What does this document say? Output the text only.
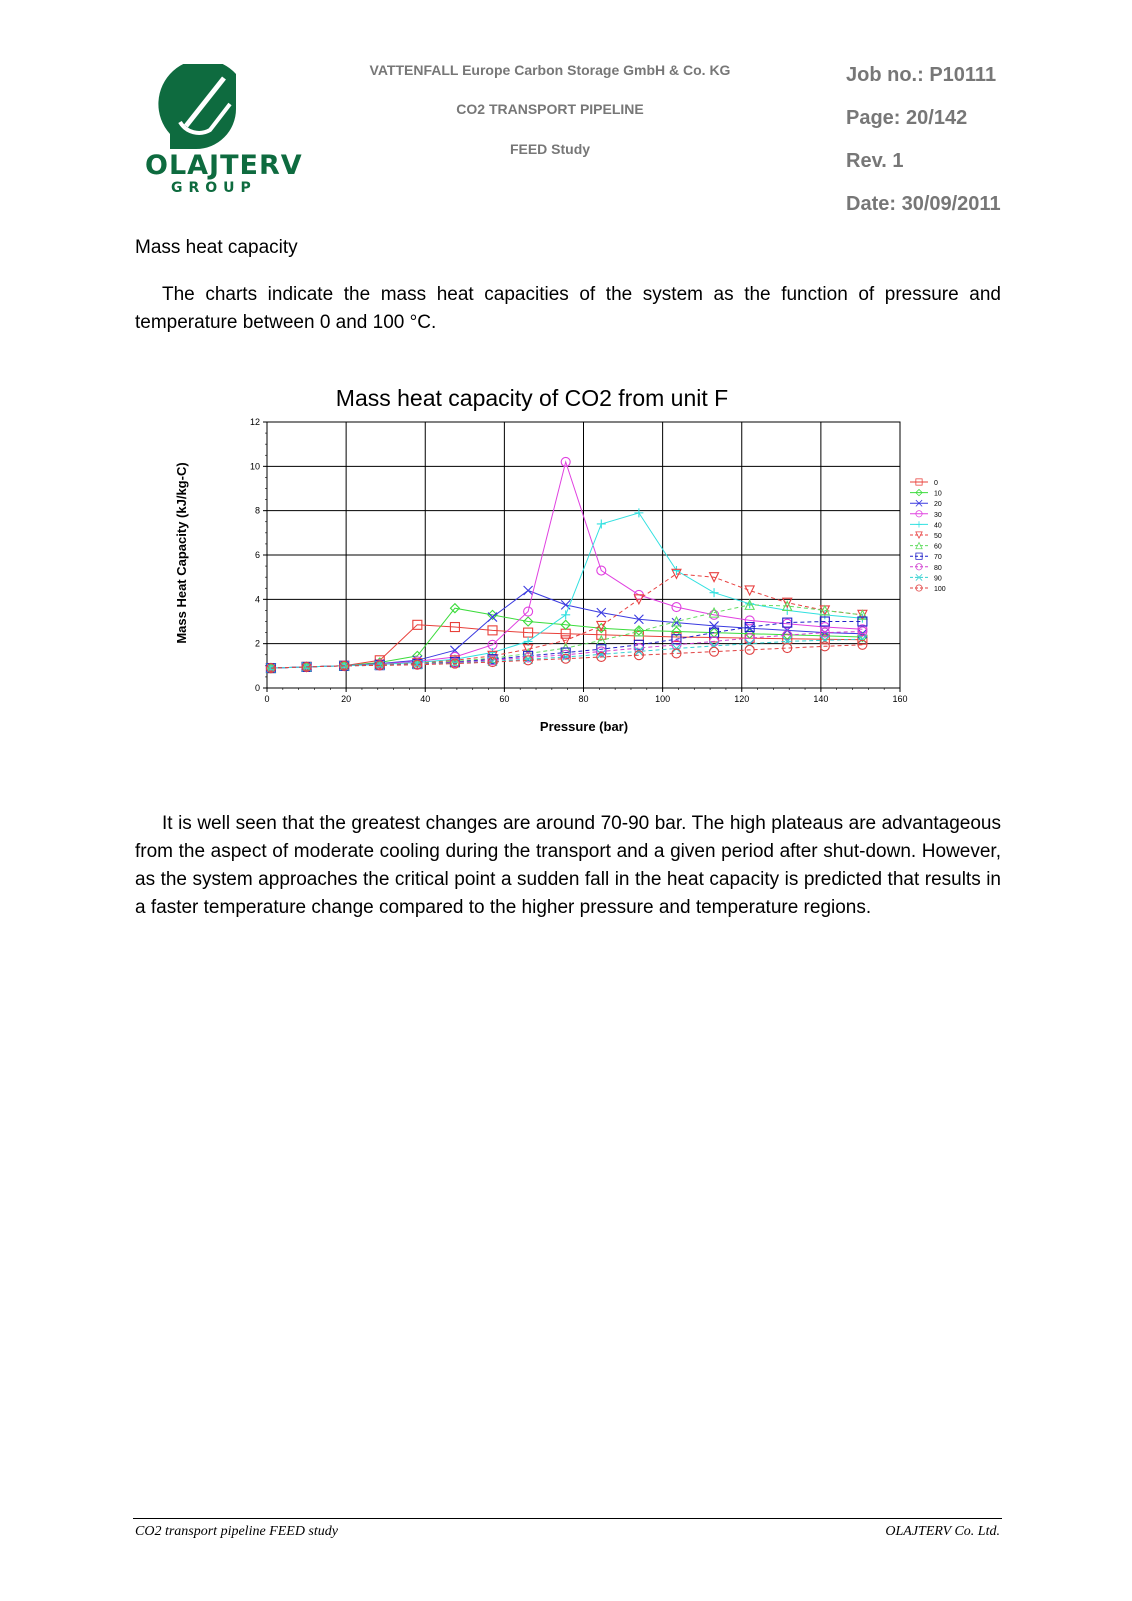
OLAJTERV
GROUP
VATTENFALL Europe Carbon Storage GmbH & Co. KG
CO2 TRANSPORT PIPELINE
FEED Study
Job no.: P10111
Page: 20/142
Rev. 1
Date: 30/09/2011
Mass heat capacity

The charts indicate the mass heat capacities of the system as the function of pressure and temperature between 0 and 100 °C.

Mass heat capacity of CO2 from unit F
Pressure (bar)
Mass Heat Capacity (kJ/kg-C)
0	20	40	60	80	100	120	140	160
0
2
4
6
8
10
12
0
10
20
30
40
50
60
70
80
90
100

It is well seen that the greatest changes are around 70-90 bar. The high plateaus are advantageous from the aspect of moderate cooling during the transport and a given period after shut-down. However, as the system approaches the critical point a sudden fall in the heat capacity is predicted that results in a faster temperature change compared to the higher pressure and temperature regions.

CO2 transport pipeline FEED study	OLAJTERV Co. Ltd.
